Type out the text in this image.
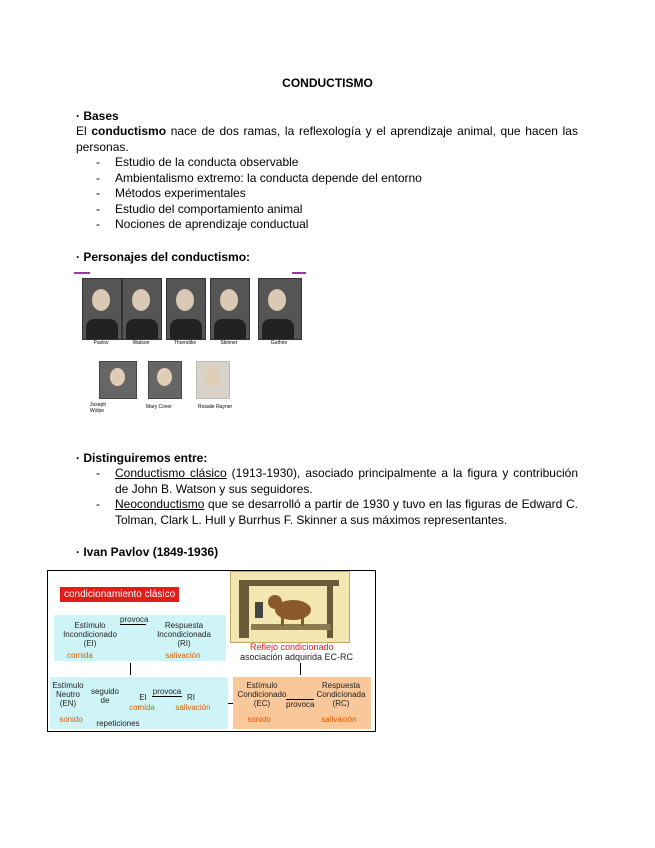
CONDUCTISMO
· Bases
El conductismo nace de dos ramas, la reflexología y el aprendizaje animal, que hacen las personas.
- Estudio de la conducta observable
- Ambientalismo extremo: la conducta depende del entorno
- Métodos experimentales
- Estudio del comportamiento animal
- Nociones de aprendizaje conductual
· Personajes del conductismo:
Pavlov	Watson	Thorndike	Skinner	Guthrie
Joseph Wolpe
Mary Cover	Rosalie Rayner
· Distinguiremos entre:
- Conductismo clásico (1913-1930), asociado principalmente a la figura y contribución de John B. Watson y sus seguidores.
- Neoconductismo que se desarrolló a partir de 1930 y tuvo en las figuras de Edward C. Tolman, Clark L. Hull y Burrhus F. Skinner a sus máximos representantes.
· Ivan Pavlov (1849-1936)
condicionamiento clásico
Reflejo condicionado
asociación adquirida EC-RC
Estímulo Incondicionado (EI)
provoca
Respuesta Incondicionada (RI)
comida	salivación
Estímulo Neutro (EN)
sonido
seguido de	EI
provoca
RI
comida	salivación
repeticiones
Estímulo Condicionado (EC)	provoca
Respuesta Condicionada (RC)
sonido	salivación
